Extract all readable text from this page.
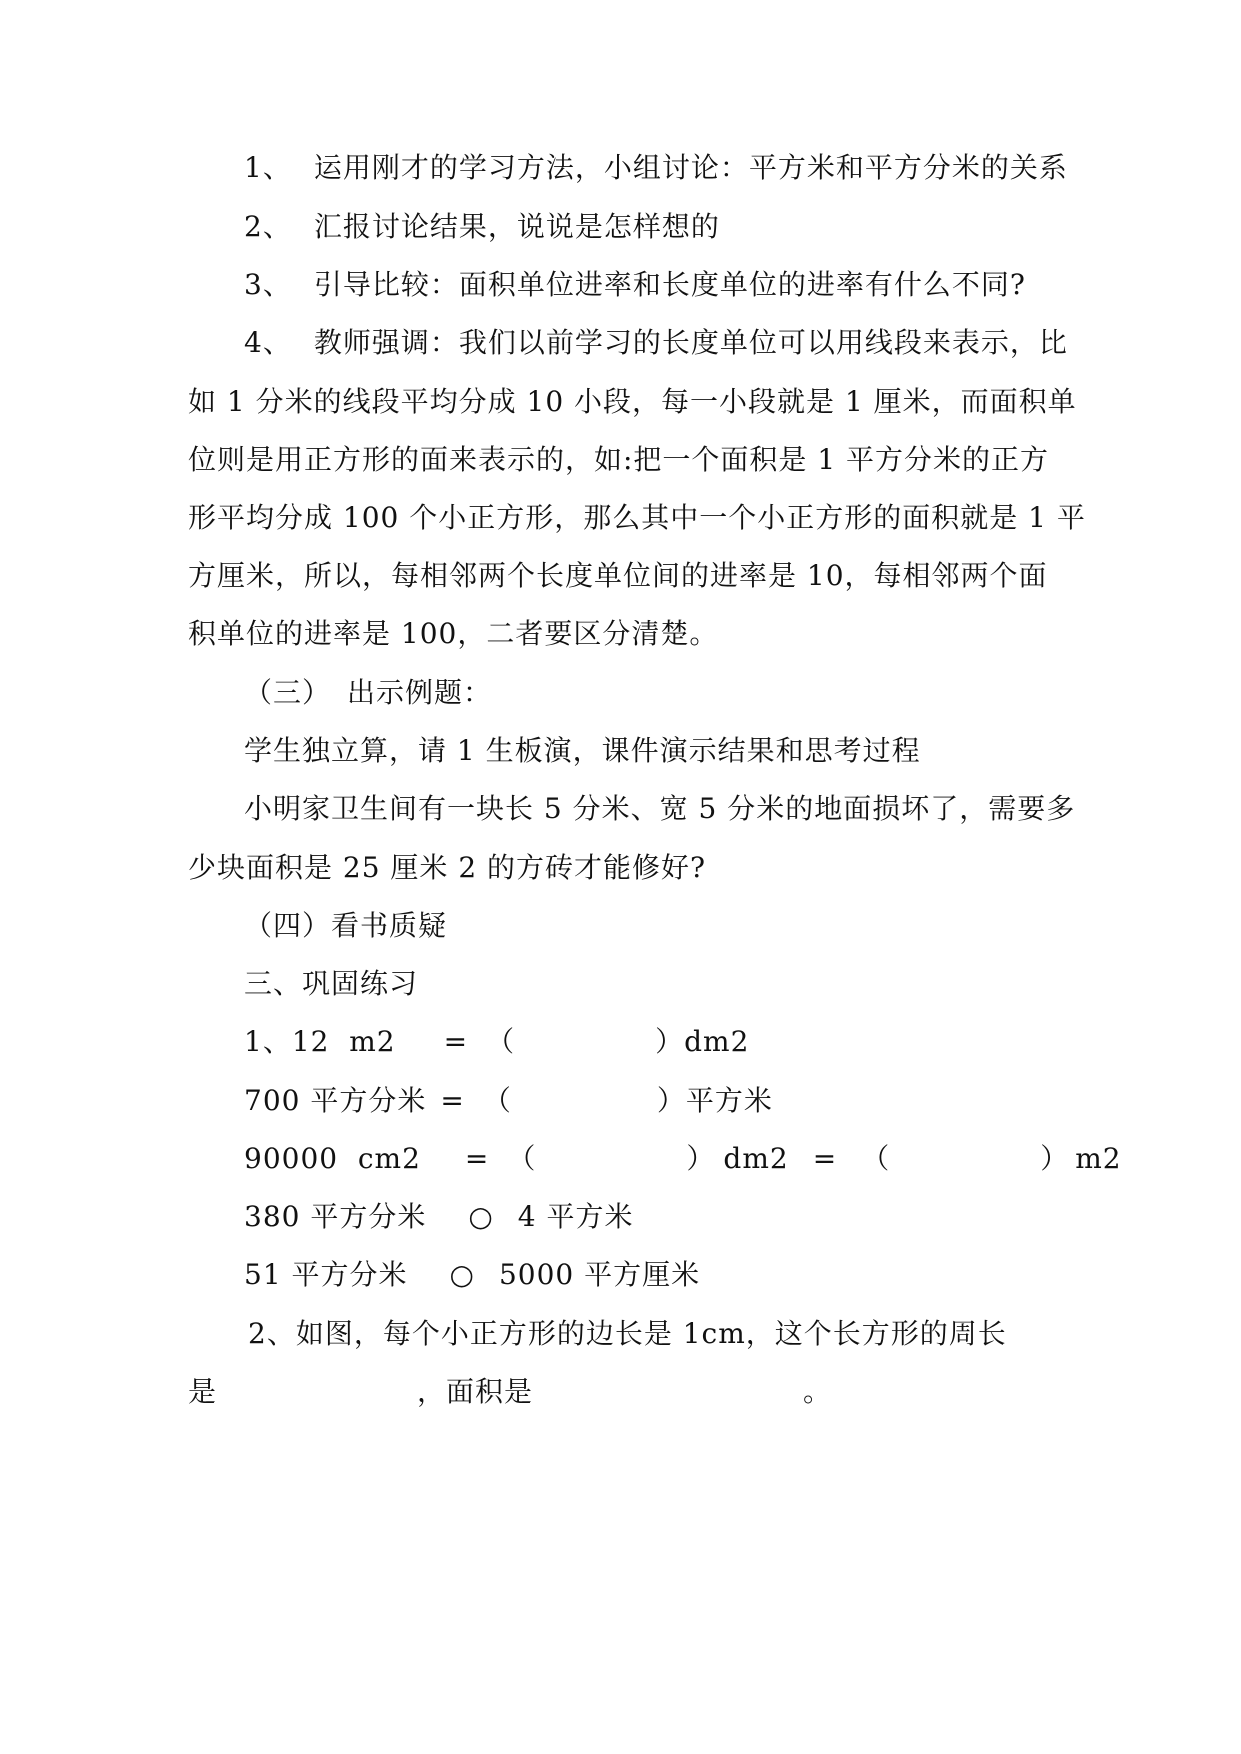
1、 运用刚才的学习方法，小组讨论：平方米和平方分米的关系
2、 汇报讨论结果，说说是怎样想的
3、 引导比较：面积单位进率和长度单位的进率有什么不同?
4、 教师强调：我们以前学习的长度单位可以用线段来表示，比
如 1 分米的线段平均分成 10 小段，每一小段就是 1 厘米，而面积单
位则是用正方形的面来表示的，如:把一个面积是 1 平方分米的正方
形平均分成 100 个小正方形，那么其中一个小正方形的面积就是 1 平
方厘米，所以，每相邻两个长度单位间的进率是 10，每相邻两个面
积单位的进率是 100，二者要区分清楚。
（三） 出示例题：
学生独立算，请 1 生板演，课件演示结果和思考过程
小明家卫生间有一块长 5 分米、宽 5 分米的地面损坏了，需要多
少块面积是 25 厘米 2 的方砖才能修好?
（四）看书质疑
三、巩固练习
1、12  m2 = （	）dm2
700 平方分米 = （	）平方米
90000  cm2 = （	） dm2 = （	） m2
380 平方分米 ○ 4 平方米
51 平方分米 ○ 5000 平方厘米
2、如图，每个小正方形的边长是 1cm，这个长方形的周长
是	，面积是	。
